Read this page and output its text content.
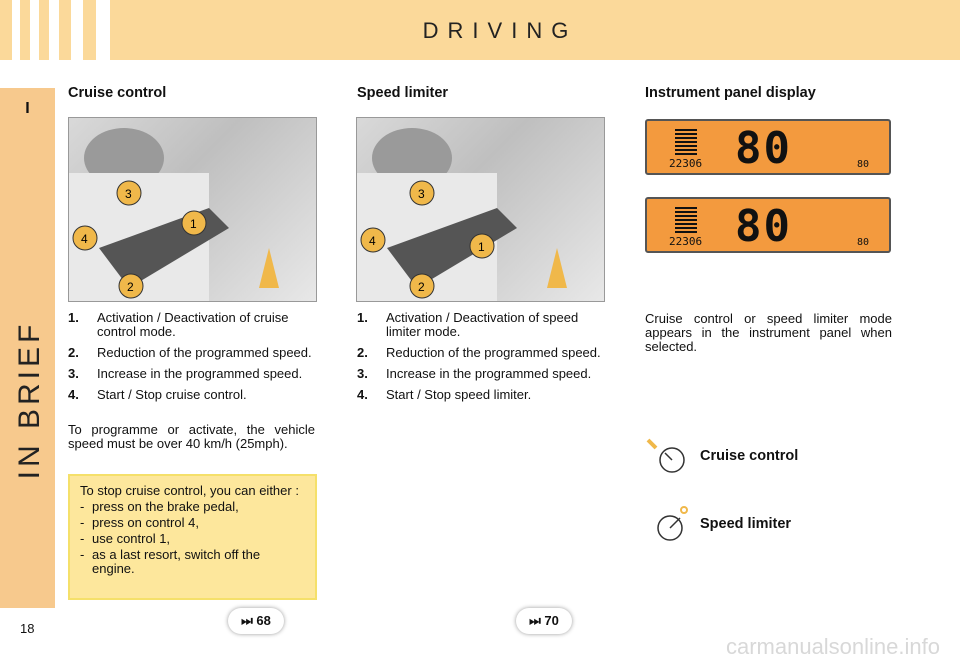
DRIVING
I
IN BRIEF
18
Cruise control
3
1
4
2
1. Activation / Deactivation of cruise control mode.
2. Reduction of the programmed speed.
3. Increase in the programmed speed.
4. Start / Stop cruise control.

To programme or activate, the vehicle speed must be over 40 km/h (25mph).

To stop cruise control, you can either :
- press on the brake pedal,
- press on control 4,
- use control 1,
- as a last resort, switch off the engine.
⏭ 68
Speed limiter
3
1
4
2
1. Activation / Deactivation of speed limiter mode.
2. Reduction of the programmed speed.
3. Increase in the programmed speed.
4. Start / Stop speed limiter.
⏭ 70
Instrument panel display
80
22306	80
80
22306	80

Cruise control or speed limiter mode appears in the instrument panel when selected.

Cruise control
Speed limiter
carmanualsonline.info
